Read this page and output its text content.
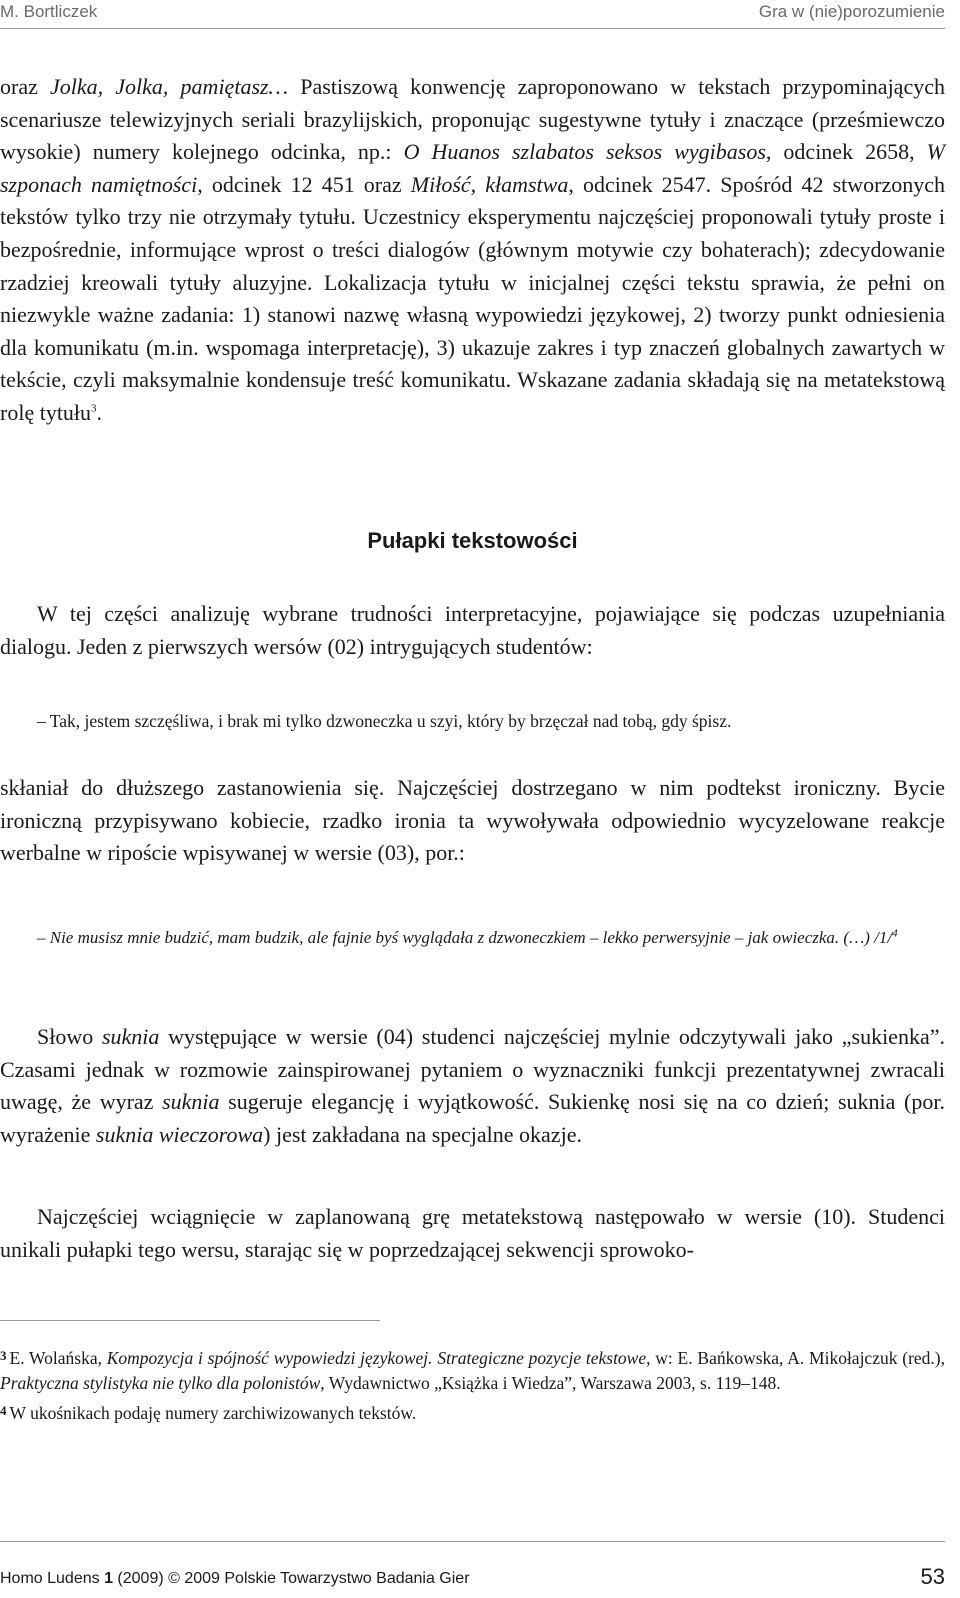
M. Bortliczek	Gra w (nie)porozumienie

oraz Jolka, Jolka, pamiętasz… Pastiszową konwencję zaproponowano w tekstach przypominających scenariusze telewizyjnych seriali brazylijskich, proponując sugestywne tytuły i znaczące (prześmiewczo wysokie) numery kolejnego odcinka, np.: O Huanos szlabatos seksos wygibasos, odcinek 2658, W szponach namiętności, odcinek 12 451 oraz Miłość, kłamstwa, odcinek 2547. Spośród 42 stworzonych tekstów tylko trzy nie otrzymały tytułu. Uczestnicy eksperymentu najczęściej proponowali tytuły proste i bezpośrednie, informujące wprost o treści dialogów (głównym motywie czy bohaterach); zdecydowanie rzadziej kreowali tytuły aluzyjne. Lokalizacja tytułu w inicjalnej części tekstu sprawia, że pełni on niezwykle ważne zadania: 1) stanowi nazwę własną wypowiedzi językowej, 2) tworzy punkt odniesienia dla komunikatu (m.in. wspomaga interpretację), 3) ukazuje zakres i typ znaczeń globalnych zawartych w tekście, czyli maksymalnie kondensuje treść komunikatu. Wskazane zadania składają się na metatekstową rolę tytułu$^3$.

Pułapki tekstowości

W tej części analizuję wybrane trudności interpretacyjne, pojawiające się podczas uzupełniania dialogu. Jeden z pierwszych wersów (02) intrygujących studentów:

– Tak, jestem szczęśliwa, i brak mi tylko dzwoneczka u szyi, który by brzęczał nad tobą, gdy śpisz.

skłaniał do dłuższego zastanowienia się. Najczęściej dostrzegano w nim podtekst ironiczny. Bycie ironiczną przypisywano kobiecie, rzadko ironia ta wywoływała odpowiednio wycyzelowane reakcje werbalne w ripoście wpisywanej w wersie (03), por.:

– Nie musisz mnie budzić, mam budzik, ale fajnie byś wyglądała z dzwoneczkiem – lekko perwersyjnie – jak owieczka. (…) /1/$^4$

Słowo suknia występujące w wersie (04) studenci najczęściej mylnie odczytywali jako „sukienka”. Czasami jednak w rozmowie zainspirowanej pytaniem o wyznaczniki funkcji prezentatywnej zwracali uwagę, że wyraz suknia sugeruje elegancję i wyjątkowość. Sukienkę nosi się na co dzień; suknia (por. wyrażenie suknia wieczorowa) jest zakładana na specjalne okazje.

Najczęściej wciągnięcie w zaplanowaną grę metatekstową następowało w wersie (10). Studenci unikali pułapki tego wersu, starając się w poprzedzającej sekwencji sprowoko-

$^3$ E. Wolańska, Kompozycja i spójność wypowiedzi językowej. Strategiczne pozycje tekstowe, w: E. Bańkowska, A. Mikołajczuk (red.), Praktyczna stylistyka nie tylko dla polonistów, Wydawnictwo „Książka i Wiedza”, Warszawa 2003, s. 119–148.

$^4$ W ukośnikach podaję numery zarchiwizowanych tekstów.

Homo Ludens 1 (2009) © 2009 Polskie Towarzystwo Badania Gier	53
